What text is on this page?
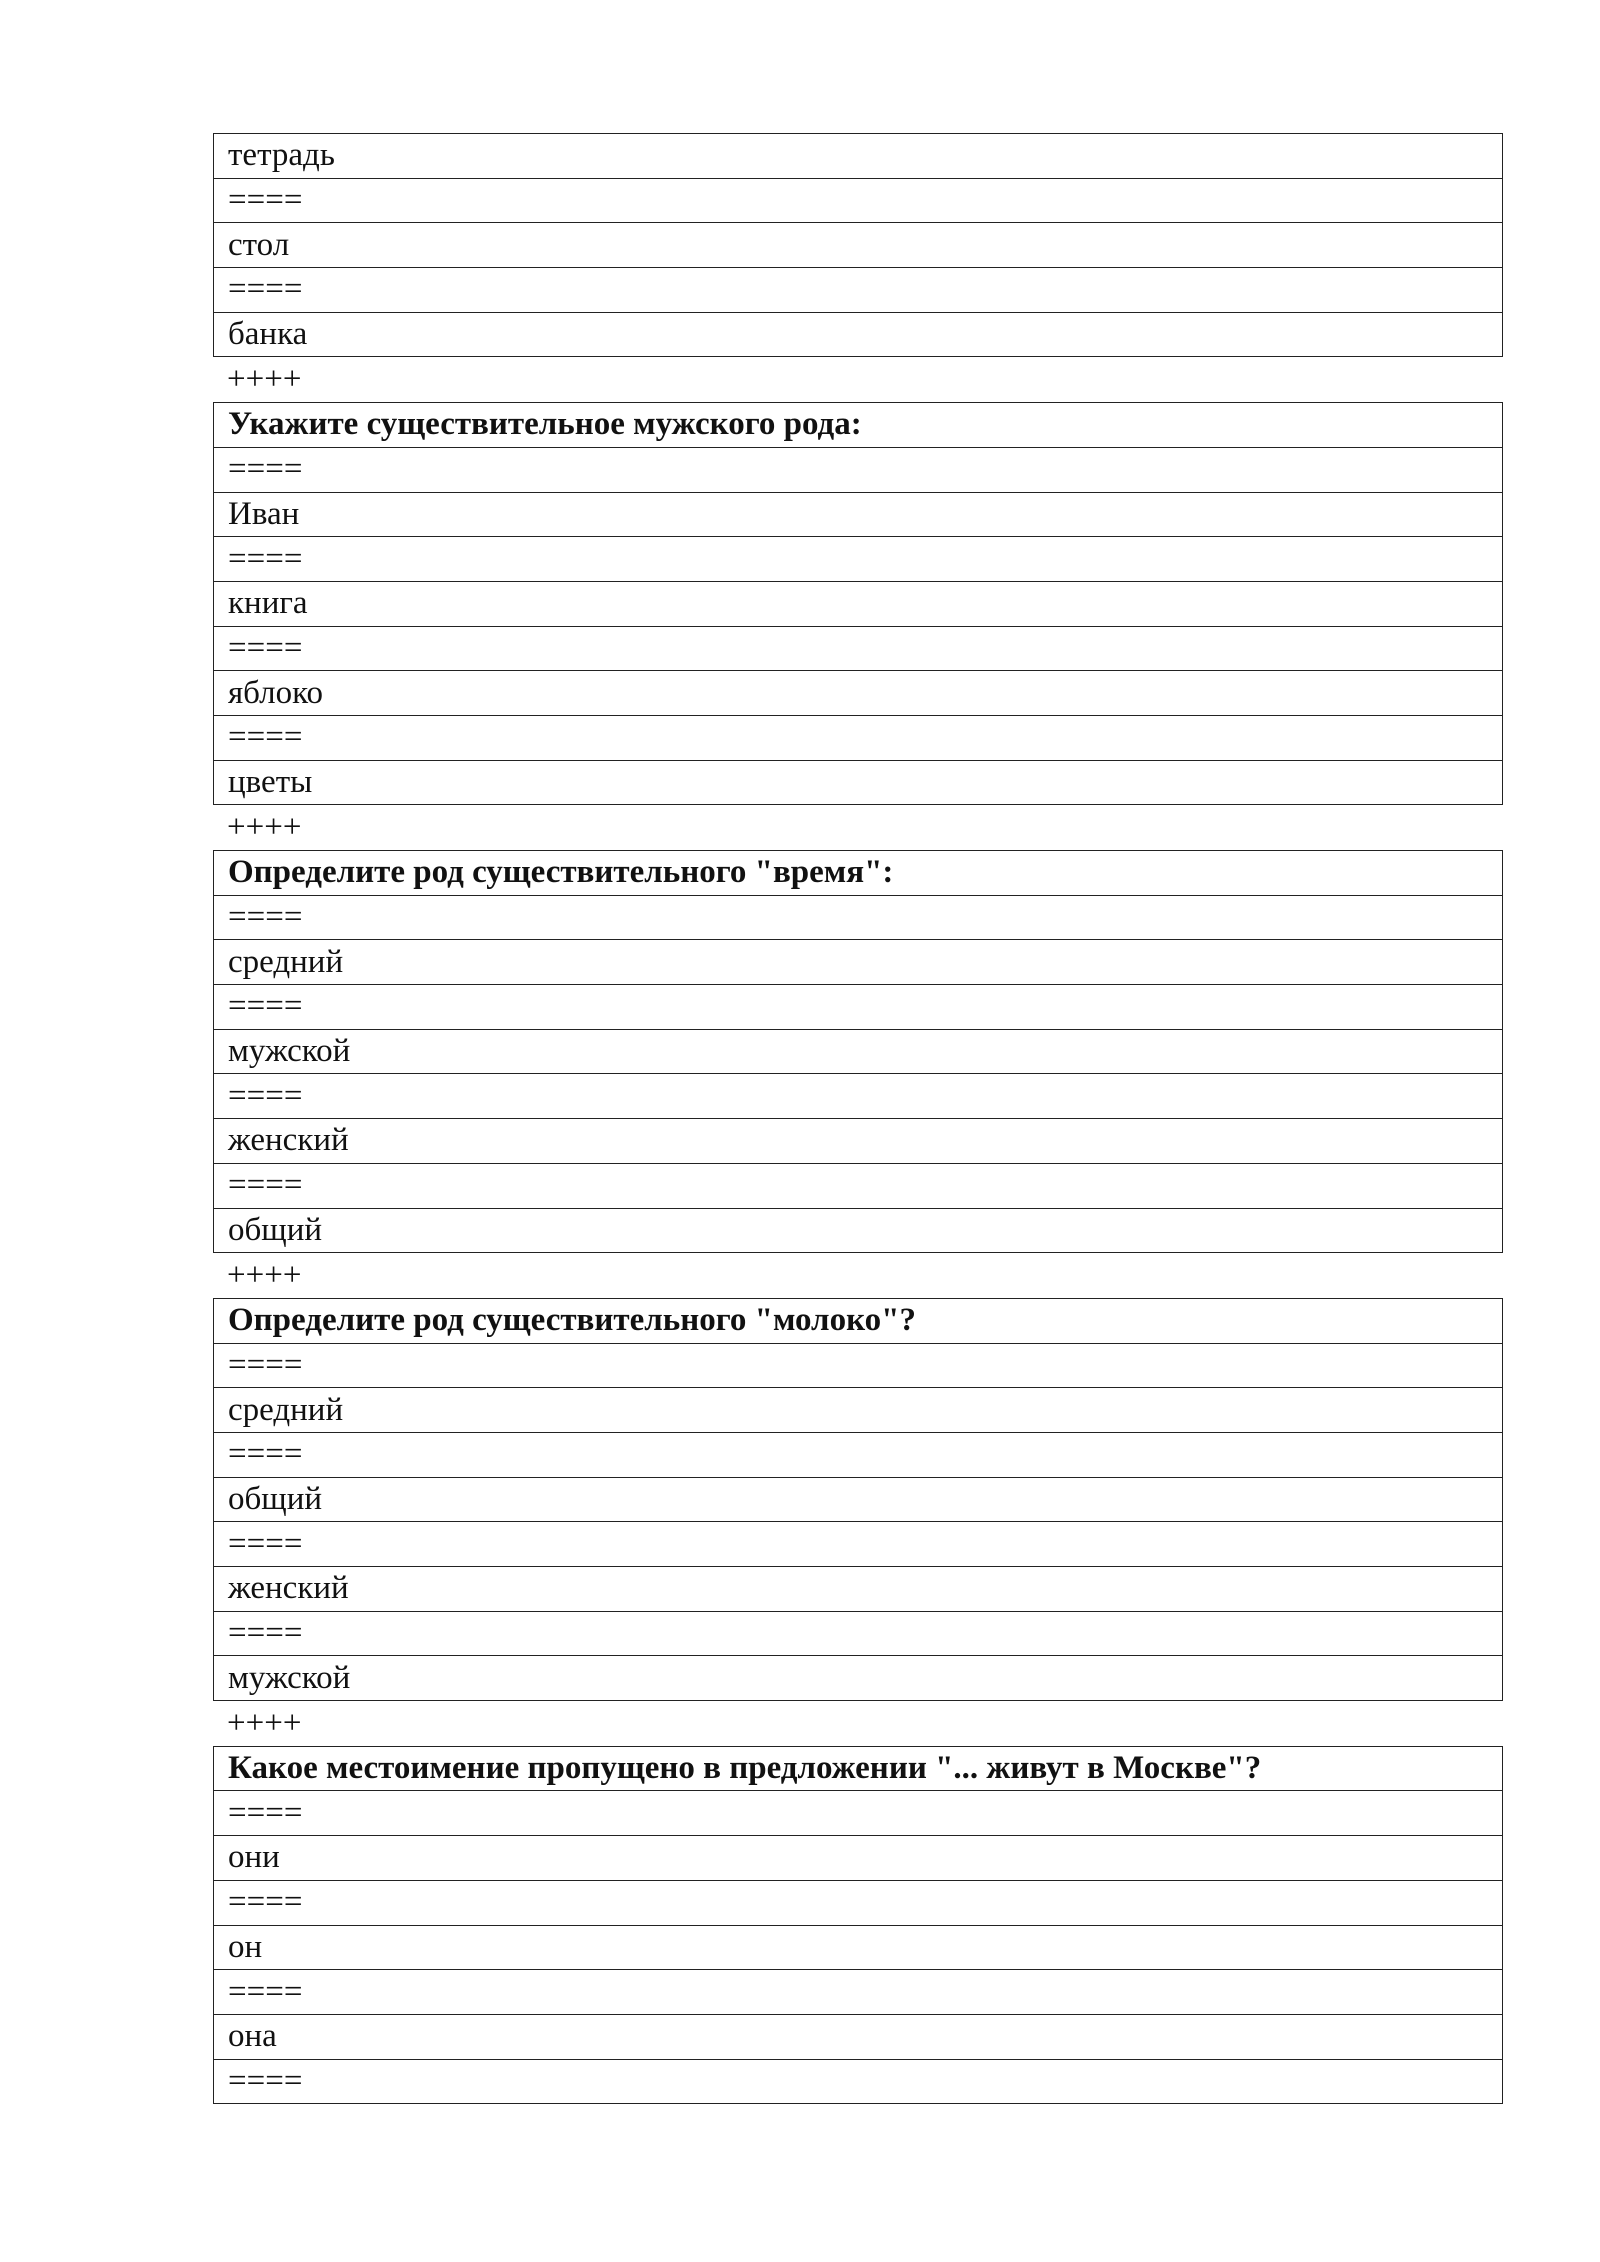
тетрадь
====
стол
====
банка
++++
Укажите существительное мужского рода:
====
Иван
====
книга
====
яблоко
====
цветы
++++
Определите род существительного "время":
====
средний
====
мужской
====
женский
====
общий
++++
Определите род существительного "молоко"?
====
средний
====
общий
====
женский
====
мужской
++++
Какое местоимение пропущено в предложении "... живут в Москве"?
====
они
====
он
====
она
====
